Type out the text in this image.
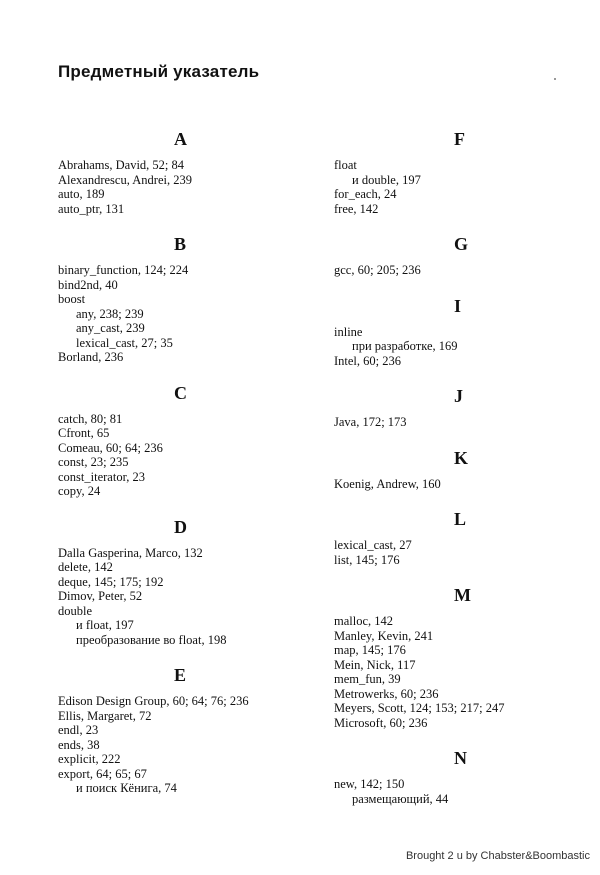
Предметный указатель
A
Abrahams, David, 52; 84
Alexandrescu, Andrei, 239
auto, 189
auto_ptr, 131
B
binary_function, 124; 224
bind2nd, 40
boost
any, 238; 239
any_cast, 239
lexical_cast, 27; 35
Borland, 236
C
catch, 80; 81
Cfront, 65
Comeau, 60; 64; 236
const, 23; 235
const_iterator, 23
copy, 24
D
Dalla Gasperina, Marco, 132
delete, 142
deque, 145; 175; 192
Dimov, Peter, 52
double
и float, 197
преобразование во float, 198
E
Edison Design Group, 60; 64; 76; 236
Ellis, Margaret, 72
endl, 23
ends, 38
explicit, 222
export, 64; 65; 67
и поиск Кёнига, 74
F
float
и double, 197
for_each, 24
free, 142
G
gcc, 60; 205; 236
I
inline
при разработке, 169
Intel, 60; 236
J
Java, 172; 173
K
Koenig, Andrew, 160
L
lexical_cast, 27
list, 145; 176
M
malloc, 142
Manley, Kevin, 241
map, 145; 176
Mein, Nick, 117
mem_fun, 39
Metrowerks, 60; 236
Meyers, Scott, 124; 153; 217; 247
Microsoft, 60; 236
N
new, 142; 150
размещающий, 44
Brought 2 u by Chabster&Boombastic
